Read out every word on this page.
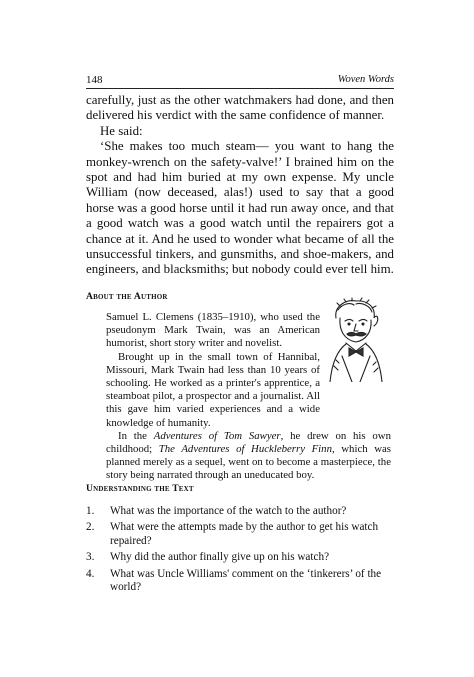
148	Woven Words

carefully, just as the other watchmakers had done, and then delivered his verdict with the same confidence of manner.

He said:

‘She makes too much steam— you want to hang the monkey-wrench on the safety-valve!’ I brained him on the spot and had him buried at my own expense. My uncle William (now deceased, alas!) used to say that a good horse was a good horse until it had run away once, and that a good watch was a good watch until the repairers got a chance at it. And he used to wonder what became of all the unsuccessful tinkers, and gunsmiths, and shoe-makers, and engineers, and blacksmiths; but nobody could ever tell him.

About the Author

Samuel L. Clemens (1835–1910), who used the pseudonym Mark Twain, was an American humorist, short story writer and novelist.

Brought up in the small town of Hannibal, Missouri, Mark Twain had less than 10 years of schooling. He worked as a printer's apprentice, a steamboat pilot, a prospector and a journalist. All this gave him varied experiences and a wide knowledge of humanity.

In the Adventures of Tom Sawyer, he drew on his own childhood; The Adventures of Huckleberry Finn, which was planned merely as a sequel, went on to become a masterpiece, the story being narrated through an uneducated boy.

Understanding the Text
1.	What was the importance of the watch to the author?
2.	What were the attempts made by the author to get his watch repaired?
3.	Why did the author finally give up on his watch?
4.	What was Uncle Williams' comment on the ‘tinkerers’ of the world?
